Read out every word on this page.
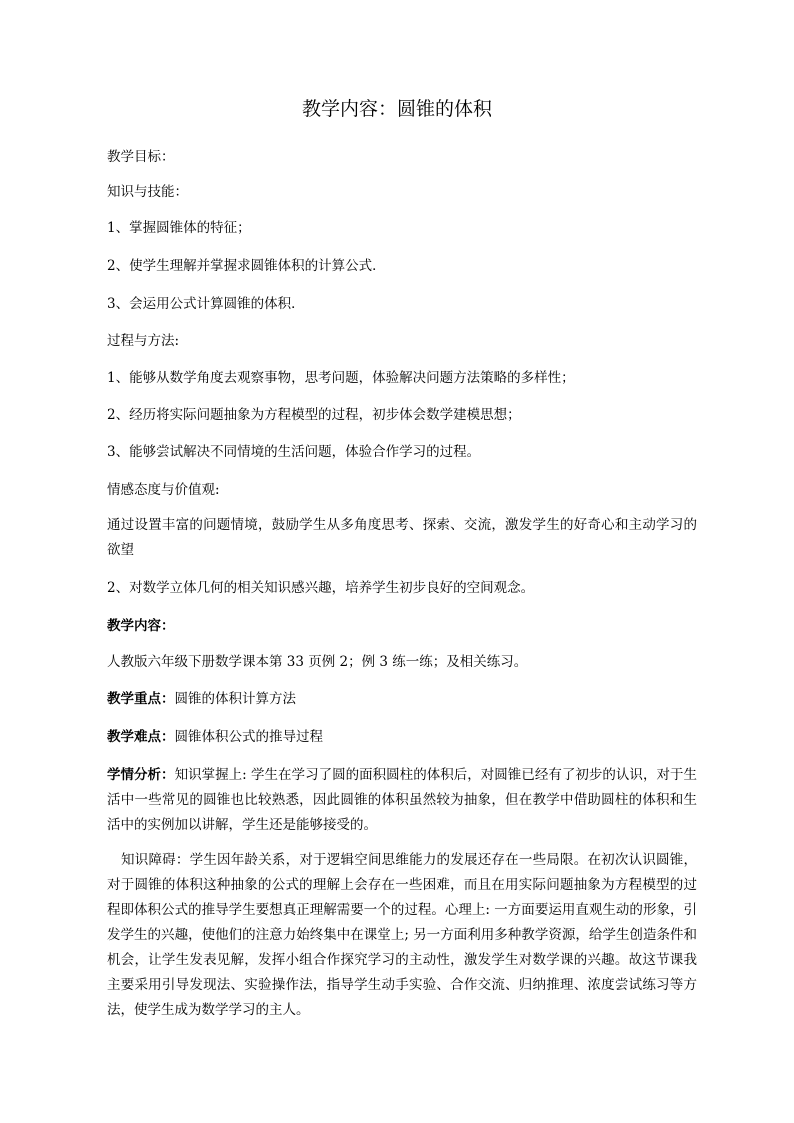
教学内容：圆锥的体积

教学目标：

知识与技能：

1、掌握圆锥体的特征；

2、使学生理解并掌握求圆锥体积的计算公式．

3、会运用公式计算圆锥的体积．

过程与方法:

1、能够从数学角度去观察事物，思考问题，体验解决问题方法策略的多样性；

2、经历将实际问题抽象为方程模型的过程，初步体会数学建模思想；

3、能够尝试解决不同情境的生活问题，体验合作学习的过程。

情感态度与价值观:

通过设置丰富的问题情境，鼓励学生从多角度思考、探索、交流，激发学生的好奇心和主动学习的欲望

2、对数学立体几何的相关知识感兴趣，培养学生初步良好的空间观念。

教学内容：

人教版六年级下册数学课本第 33 页例 2；例 3 练一练；及相关练习。

教学重点：圆锥的体积计算方法

教学难点：圆锥体积公式的推导过程

学情分析：知识掌握上: 学生在学习了圆的面积圆柱的体积后，对圆锥已经有了初步的认识，对于生活中一些常见的圆锥也比较熟悉，因此圆锥的体积虽然较为抽象，但在教学中借助圆柱的体积和生活中的实例加以讲解，学生还是能够接受的。

知识障碍：学生因年龄关系，对于逻辑空间思维能力的发展还存在一些局限。在初次认识圆锥，对于圆锥的体积这种抽象的公式的理解上会存在一些困难，而且在用实际问题抽象为方程模型的过程即体积公式的推导学生要想真正理解需要一个的过程。心理上: 一方面要运用直观生动的形象，引发学生的兴趣，使他们的注意力始终集中在课堂上; 另一方面利用多种教学资源，给学生创造条件和机会，让学生发表见解，发挥小组合作探究学习的主动性，激发学生对数学课的兴趣。故这节课我主要采用引导发现法、实验操作法，指导学生动手实验、合作交流、归纳推理、浓度尝试练习等方法，使学生成为数学学习的主人。
